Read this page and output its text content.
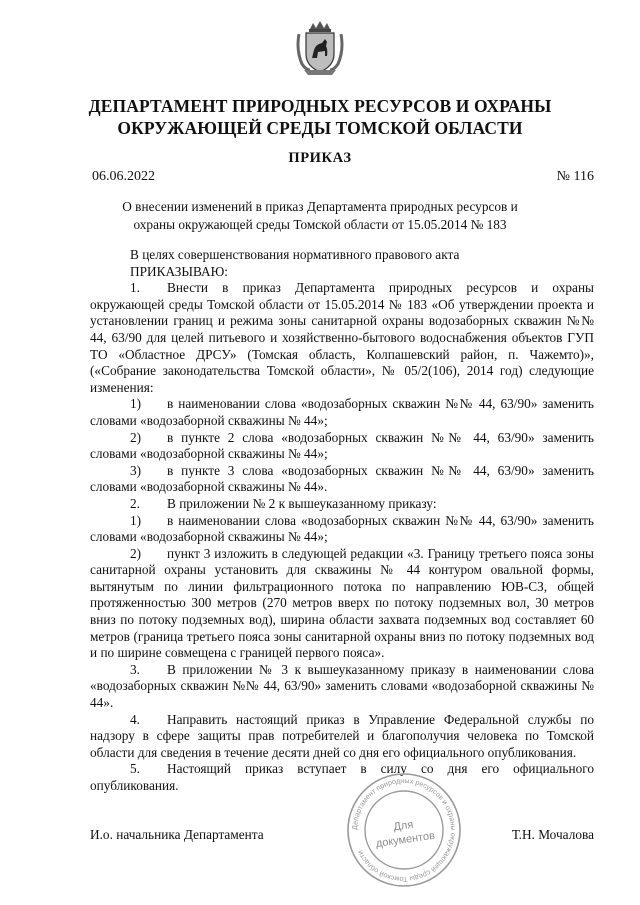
ДЕПАРТАМЕНТ ПРИРОДНЫХ РЕСУРСОВ И ОХРАНЫ
ОКРУЖАЮЩЕЙ СРЕДЫ ТОМСКОЙ ОБЛАСТИ
ПРИКАЗ
06.06.2022	№ 116
О внесении изменений в приказ Департамента природных ресурсов и охраны окружающей среды Томской области от 15.05.2014 № 183

В целях совершенствования нормативного правового акта

ПРИКАЗЫВАЮ:

1. Внести в приказ Департамента природных ресурсов и охраны окружающей среды Томской области от 15.05.2014 № 183 «Об утверждении проекта и установлении границ и режима зоны санитарной охраны водозаборных скважин №№ 44, 63/90 для целей питьевого и хозяйственно-бытового водоснабжения объектов ГУП ТО «Областное ДРСУ» (Томская область, Колпашевский район, п. Чажемто)», («Собрание законодательства Томской области», № 05/2(106), 2014 год) следующие изменения:

1) в наименовании слова «водозаборных скважин №№ 44, 63/90» заменить словами «водозаборной скважины № 44»;

2) в пункте 2 слова «водозаборных скважин №№ 44, 63/90» заменить словами «водозаборной скважины № 44»;

3) в пункте 3 слова «водозаборных скважин №№ 44, 63/90» заменить словами «водозаборной скважины № 44».

2. В приложении № 2 к вышеуказанному приказу:

1) в наименовании слова «водозаборных скважин №№ 44, 63/90» заменить словами «водозаборной скважины № 44»;

2) пункт 3 изложить в следующей редакции «3. Границу третьего пояса зоны санитарной охраны установить для скважины № 44 контуром овальной формы, вытянутым по линии фильтрационного потока по направлению ЮВ-СЗ, общей протяженностью 300 метров (270 метров вверх по потоку подземных вол, 30 метров вниз по потоку подземных вод), ширина области захвата подземных вод составляет 60 метров (граница третьего пояса зоны санитарной охраны вниз по потоку подземных вод и по ширине совмещена с границей первого пояса».

3. В приложении № 3 к вышеуказанному приказу в наименовании слова «водозаборных скважин №№ 44, 63/90» заменить словами «водозаборной скважины № 44».

4. Направить настоящий приказ в Управление Федеральной службы по надзору в сфере защиты прав потребителей и благополучия человека по Томской области для сведения в течение десяти дней со дня его официального опубликования.

5. Настоящий приказ вступает в силу со дня его официального опубликования.

И.о. начальника Департамента	Т.Н. Мочалова
Департамент природных ресурсов и охраны окружающей среды Томской области
Для
документов
